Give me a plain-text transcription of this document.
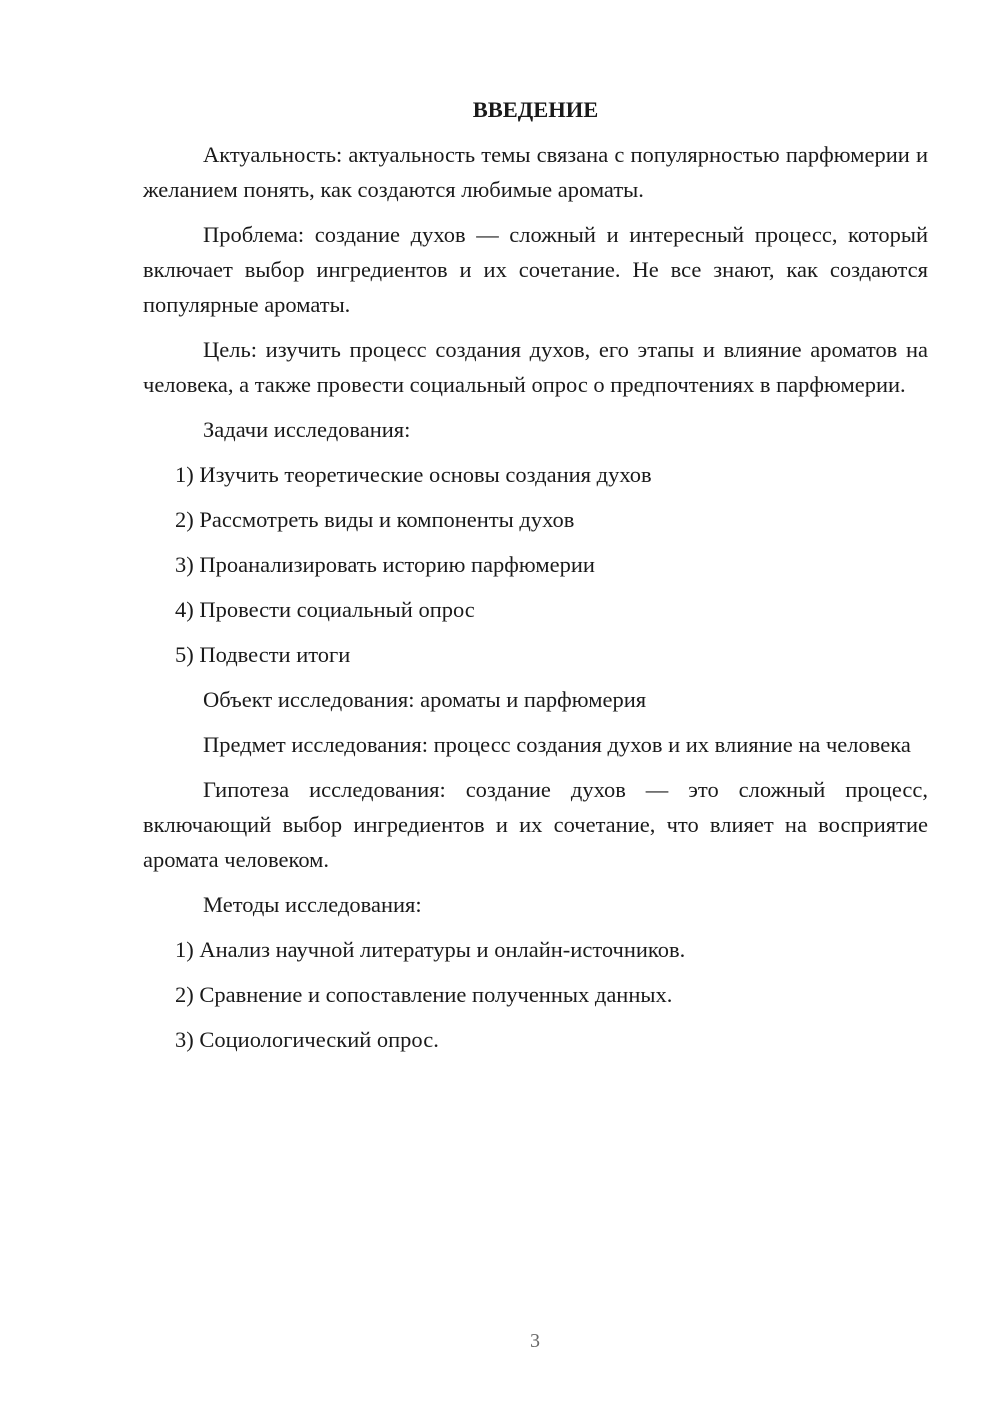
ВВЕДЕНИЕ

Актуальность: актуальность темы связана с популярностью парфюмерии и желанием понять, как создаются любимые ароматы.

Проблема: создание духов — сложный и интересный процесс, который включает выбор ингредиентов и их сочетание. Не все знают, как создаются популярные ароматы.

Цель: изучить процесс создания духов, его этапы и влияние ароматов на человека, а также провести социальный опрос о предпочтениях в парфюмерии.

Задачи исследования:

1) Изучить теоретические основы создания духов
2) Рассмотреть виды и компоненты духов
3) Проанализировать историю парфюмерии
4) Провести социальный опрос
5) Подвести итоги

Объект исследования: ароматы и парфюмерия

Предмет исследования: процесс создания духов и их влияние на человека

Гипотеза исследования: создание духов — это сложный процесс, включающий выбор ингредиентов и их сочетание, что влияет на восприятие аромата человеком.

Методы исследования:

1) Анализ научной литературы и онлайн-источников.
2) Сравнение и сопоставление полученных данных.
3) Социологический опрос.
3
